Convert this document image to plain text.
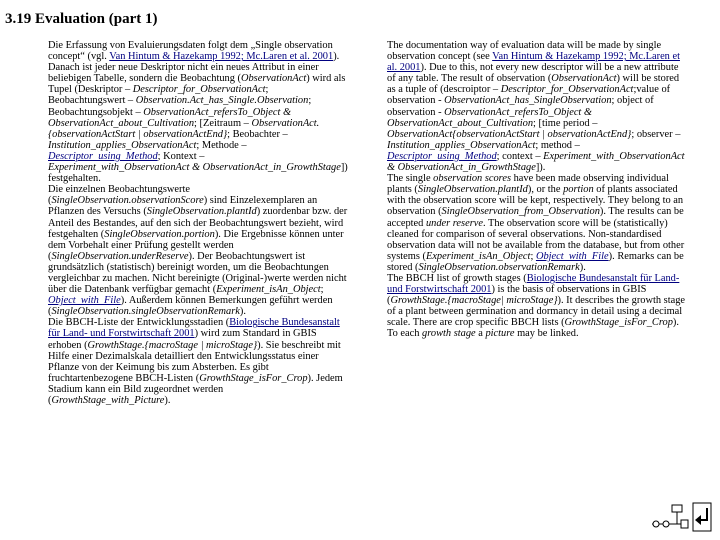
3.19 Evaluation (part 1)

Die Erfassung von Evaluierungsdaten folgt dem „Single observation concept“ (vgl. Van Hintum & Hazekamp 1992; Mc.Laren et al. 2001). Danach ist jeder neue Deskriptor nicht ein neues Attribut in einer beliebigen Tabelle, sondern die Beobachtung (ObservationAct) wird als Tupel (Deskriptor – Descriptor_for_ObservationAct; Beobachtungswert – Observation.Act_has_Single.Observation; Beobachtungsobjekt – ObservationAct_refersTo_Object & ObservationAct_about_Cultivation; [Zeitraum – ObservationAct.{observationActStart | observationActEnd}; Beobachter – Institution_applies_ObservationAct; Methode – Descriptor_using_Method; Kontext – Experiment_with_ObservationAct & ObservationAct_in_GrowthStage]) festgehalten.

Die einzelnen Beobachtungswerte (SingleObservation.observationScore) sind Einzelexemplaren an Pflanzen des Versuchs (SingleObservation.plantId) zuordenbar bzw. der Anteil des Bestandes, auf den sich der Beobachtungswert bezieht, wird festgehalten (SingleObservation.portion). Die Ergebnisse können unter dem Vorbehalt einer Prüfung gestellt werden (SingleObservation.underReserve). Der Beobachtungswert ist grundsätzlich (statistisch) bereinigt worden, um die Beobachtungen vergleichbar zu machen. Nicht bereinigte (Original-)werte werden nicht über die Datenbank verfügbar gemacht (Experiment_isAn_Object; Object_with_File). Außerdem können Bemerkungen geführt werden (SingleObservation.singleObservationRemark).

Die BBCH-Liste der Entwicklungsstadien (Biologische Bundesanstalt für Land- und Forstwirtschaft 2001) wird zum Standard in GBIS erhoben (GrowthStage.{macroStage | microStage}). Sie beschreibt mit Hilfe einer Dezimalskala detailliert den Entwicklungsstatus einer Pflanze von der Keimung bis zum Absterben. Es gibt fruchtartenbezogene BBCH-Listen (GrowthStage_isFor_Crop). Jedem Stadium kann ein Bild zugeordnet werden (GrowthStage_with_Picture).

The documentation way of evaluation data will be made by single observation concept (see Van Hintum & Hazekamp 1992; Mc.Laren et al. 2001). Due to this, not every new descriptor will be a new attribute of any table. The result of observation (ObservationAct) will be stored as a tuple of (descroiptor – Descriptor_for_ObservationAct;value of observation - ObservationAct_has_SingleObservation; object of observation - ObservationAct_refersTo_Object & ObservationAct_about_Cultivation; [time period – ObservationAct{observationActStart | observationActEnd}; observer – Institution_applies_ObservationAct; method – Descriptor_using_Method; context – Experiment_with_ObservationAct & ObservationAct_in_GrowthStage]).

The single observation scores have been made observing individual plants (SingleObservation.plantId), or the portion of plants associated with the observation score will be kept, respectively. They belong to an observation (SingleObservation_from_Observation). The results can be accepted under reserve. The observation score will be (statistically) cleaned for comparison of several observations. Non-standardised observation data will not be available from the database, but from other systems (Experiment_isAn_Object; Object_with_File). Remarks can be stored (SingleObservation.observationRemark).

The BBCH list of growth stages (Biologische Bundesanstalt für Land- und Forstwirtschaft 2001) is the basis of observations in GBIS (GrowthStage.{macroStage| microStage}). It describes the growth stage of a plant between germination and dormancy in detail using a decimal scale. There are crop specific BBCH lists (GrowthStage_isFor_Crop). To each growth stage a picture may be linked.
